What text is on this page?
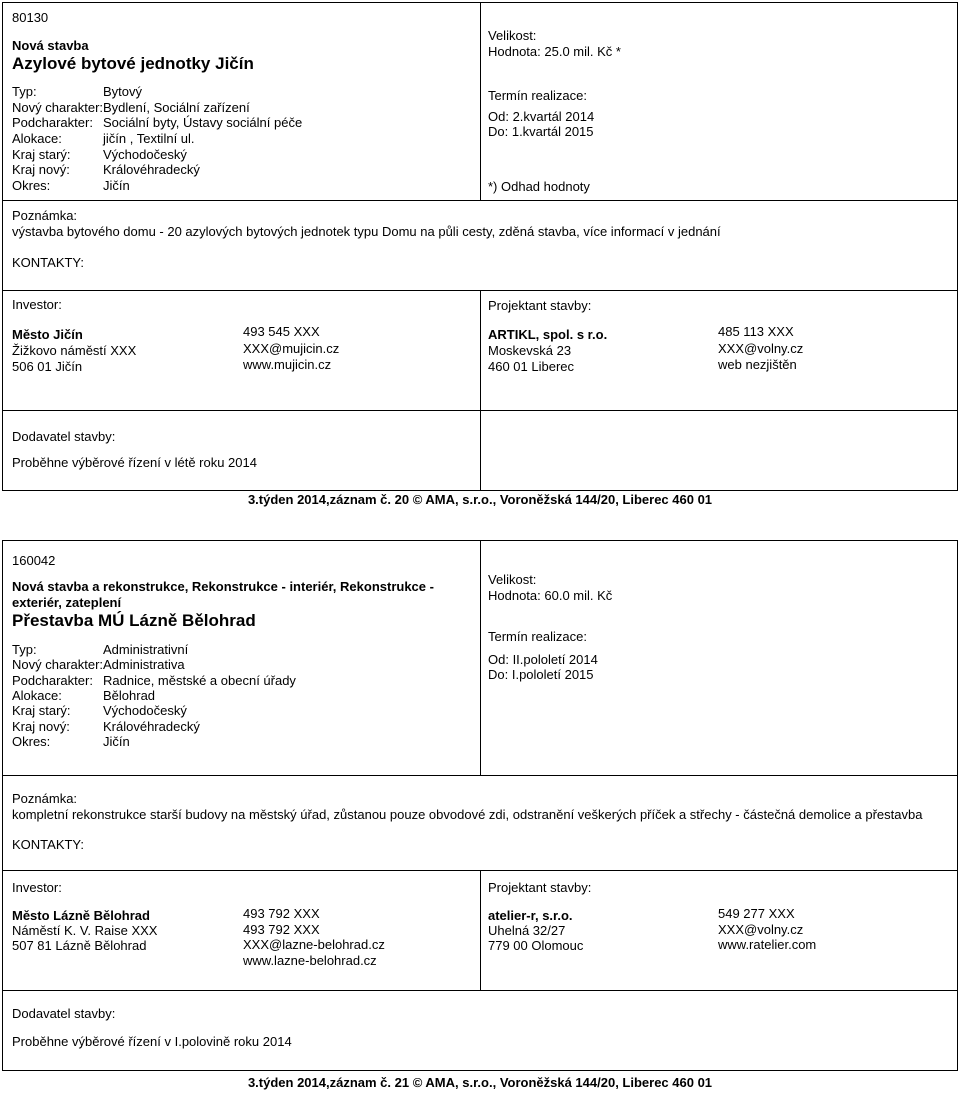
80130
Nová stavba
Azylové bytové jednotky Jičín
Typ:	Bytový
Nový charakter: Bydlení, Sociální zařízení
Podcharakter: Sociální byty, Ústavy sociální péče
Alokace:	jičín , Textilní ul.
Kraj starý: Východočeský
Kraj nový:	Královéhradecký
Okres:	Jičín
Velikost:
Hodnota: 25.0 mil. Kč *
Termín realizace:
Od: 2.kvartál 2014
Do: 1.kvartál 2015
*) Odhad hodnoty
Poznámka:
výstavba bytového domu - 20 azylových bytových jednotek typu Domu na půli cesty, zděná stavba, více informací v jednání
KONTAKTY:
Investor:
Město Jičín
Žižkovo náměstí XXX
506 01 Jičín
493 545 XXX
XXX@mujicin.cz
www.mujicin.cz
Projektant stavby:
ARTIKL, spol. s r.o.
Moskevská 23
460 01 Liberec
485 113 XXX
XXX@volny.cz
web nezjištěn
Dodavatel stavby:
Proběhne výběrové řízení v létě roku 2014
3.týden 2014,záznam č. 20 © AMA, s.r.o., Voroněžská 144/20, Liberec 460 01
160042
Nová stavba a rekonstrukce, Rekonstrukce - interiér, Rekonstrukce -
exteriér, zateplení
Přestavba MÚ Lázně Bělohrad
Typ:	Administrativní
Nový charakter: Administrativa
Podcharakter: Radnice, městské a obecní úřady
Alokace:	Bělohrad
Kraj starý: Východočeský
Kraj nový:	Královéhradecký
Okres:	Jičín
Velikost:
Hodnota: 60.0 mil. Kč
Termín realizace:
Od: II.pololetí 2014
Do: I.pololetí 2015
Poznámka:
kompletní rekonstrukce starší budovy na městský úřad, zůstanou pouze obvodové zdi, odstranění veškerých příček a střechy - částečná demolice a přestavba
KONTAKTY:
Investor:
Město Lázně Bělohrad
Náměstí K. V. Raise XXX
507 81 Lázně Bělohrad
493 792 XXX
493 792 XXX
XXX@lazne-belohrad.cz
www.lazne-belohrad.cz
Projektant stavby:
atelier-r, s.r.o.
Uhelná 32/27
779 00 Olomouc
549 277 XXX
XXX@volny.cz
www.ratelier.com
Dodavatel stavby:
Proběhne výběrové řízení v I.polovině roku 2014
3.týden 2014,záznam č. 21 © AMA, s.r.o., Voroněžská 144/20, Liberec 460 01
